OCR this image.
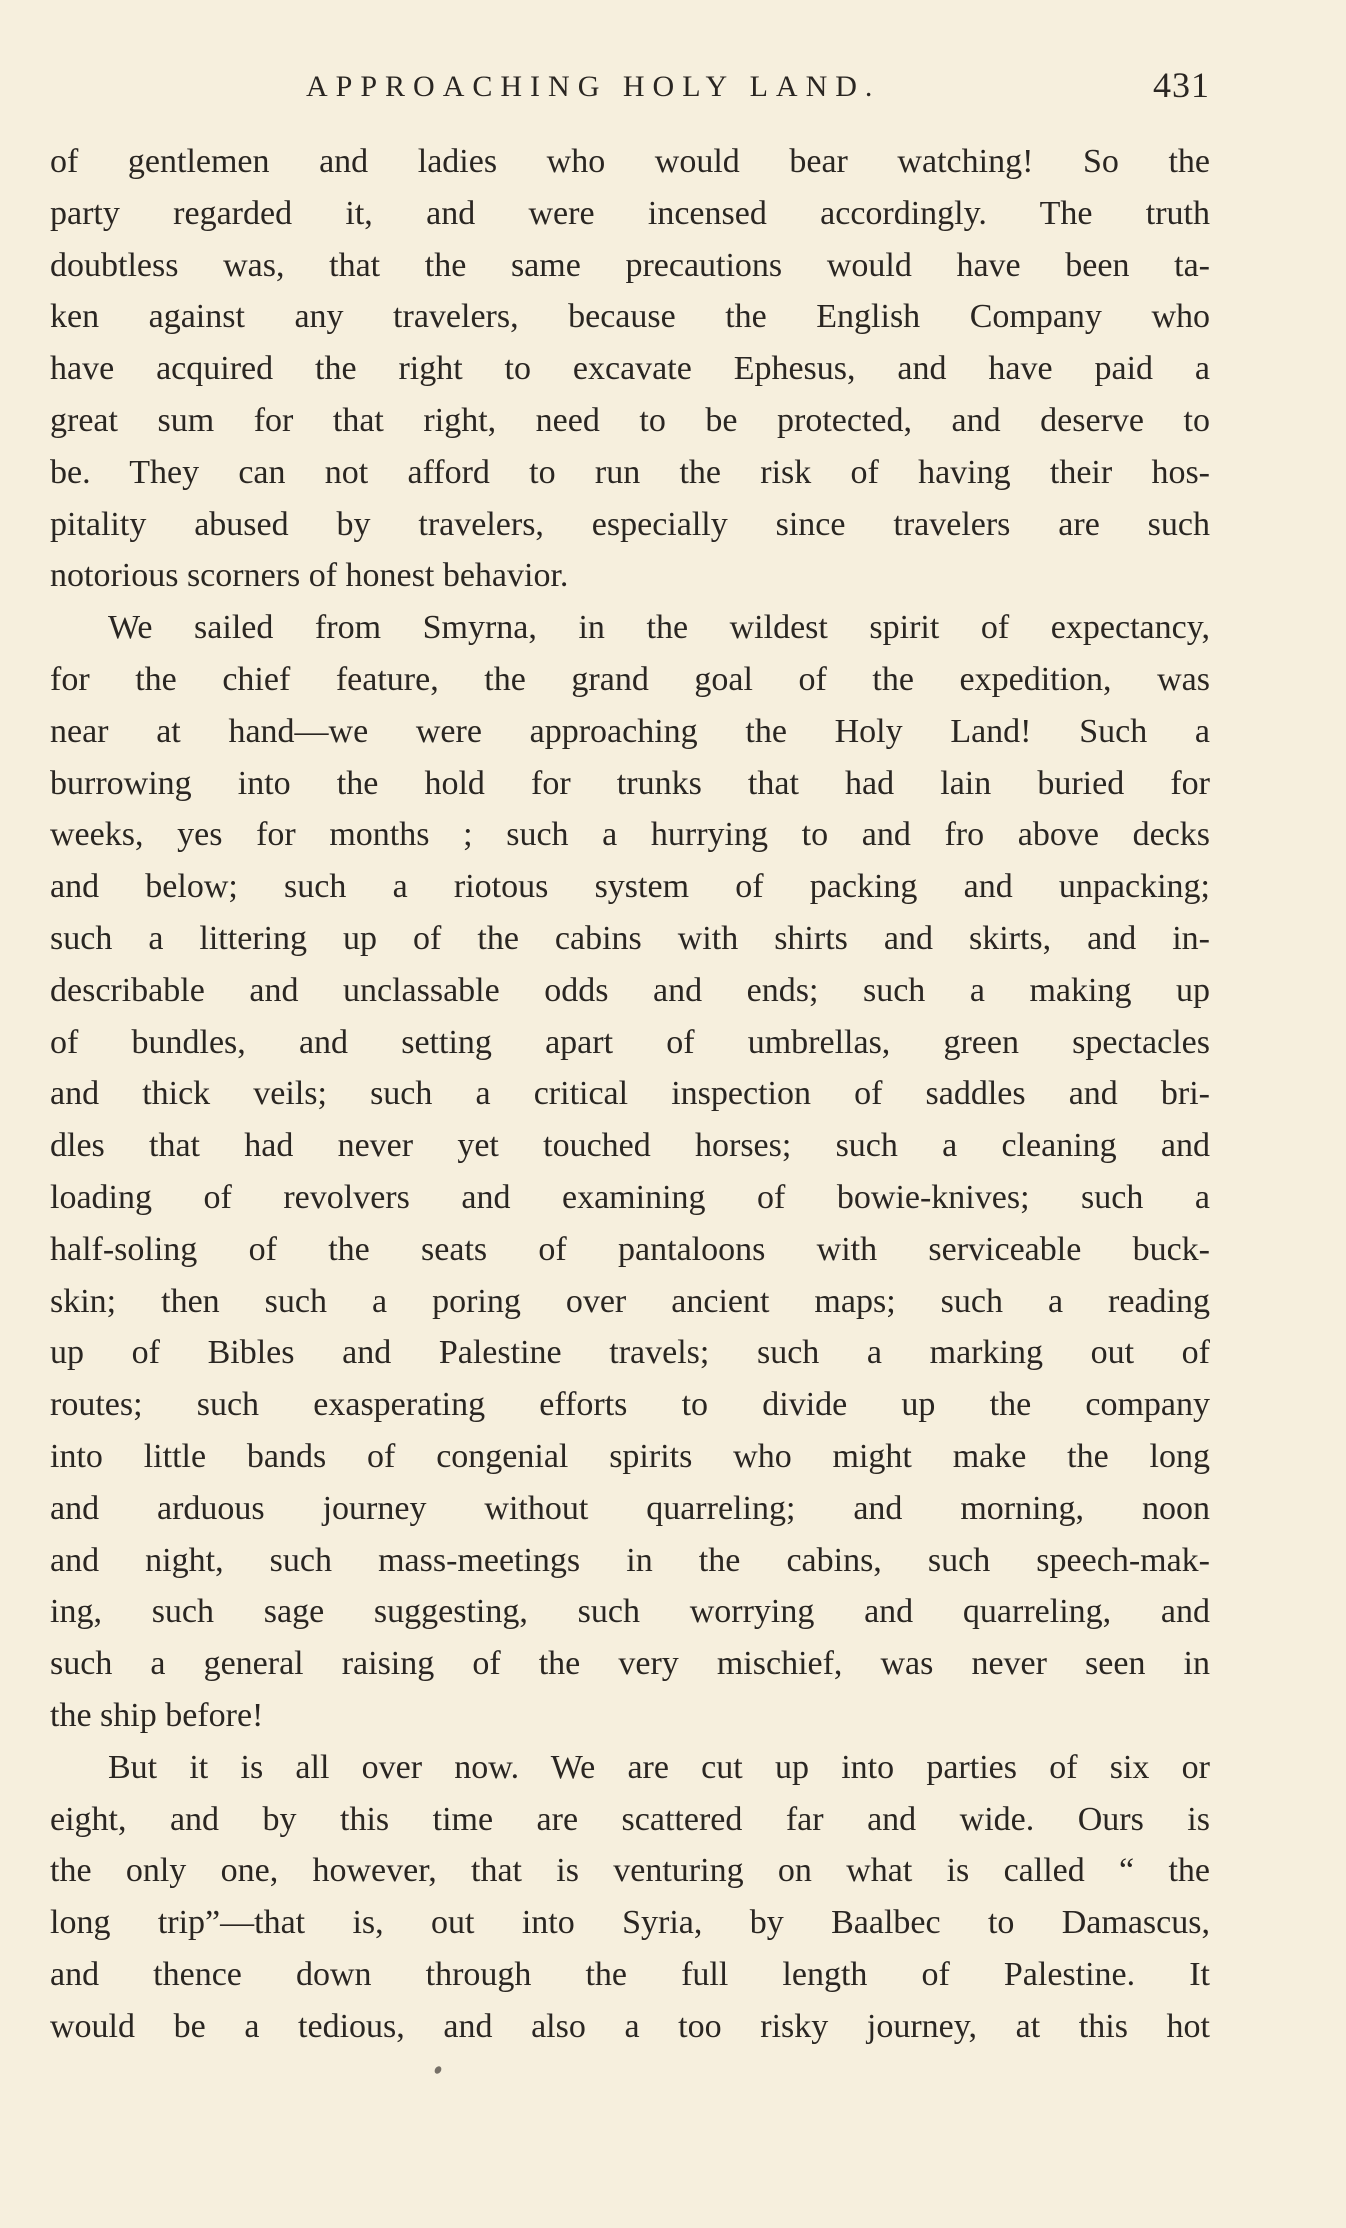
APPROACHING HOLY LAND.	431
of gentlemen and ladies who would bear watching! So the
party regarded it, and were incensed accordingly. The truth
doubtless was, that the same precautions would have been ta-
ken against any travelers, because the English Company who
have acquired the right to excavate Ephesus, and have paid a
great sum for that right, need to be protected, and deserve to
be. They can not afford to run the risk of having their hos-
pitality abused by travelers, especially since travelers are such
notorious scorners of honest behavior.
We sailed from Smyrna, in the wildest spirit of expectancy,
for the chief feature, the grand goal of the expedition, was
near at hand—we were approaching the Holy Land! Such a
burrowing into the hold for trunks that had lain buried for
weeks, yes for months ; such a hurrying to and fro above decks
and below; such a riotous system of packing and unpacking;
such a littering up of the cabins with shirts and skirts, and in-
describable and unclassable odds and ends; such a making up
of bundles, and setting apart of umbrellas, green spectacles
and thick veils; such a critical inspection of saddles and bri-
dles that had never yet touched horses; such a cleaning and
loading of revolvers and examining of bowie-knives; such a
half-soling of the seats of pantaloons with serviceable buck-
skin; then such a poring over ancient maps; such a reading
up of Bibles and Palestine travels; such a marking out of
routes; such exasperating efforts to divide up the company
into little bands of congenial spirits who might make the long
and arduous journey without quarreling; and morning, noon
and night, such mass-meetings in the cabins, such speech-mak-
ing, such sage suggesting, such worrying and quarreling, and
such a general raising of the very mischief, was never seen in
the ship before!
But it is all over now. We are cut up into parties of six or
eight, and by this time are scattered far and wide. Ours is
the only one, however, that is venturing on what is called “ the
long trip”—that is, out into Syria, by Baalbec to Damascus,
and thence down through the full length of Palestine. It
would be a tedious, and also a too risky journey, at this hot
